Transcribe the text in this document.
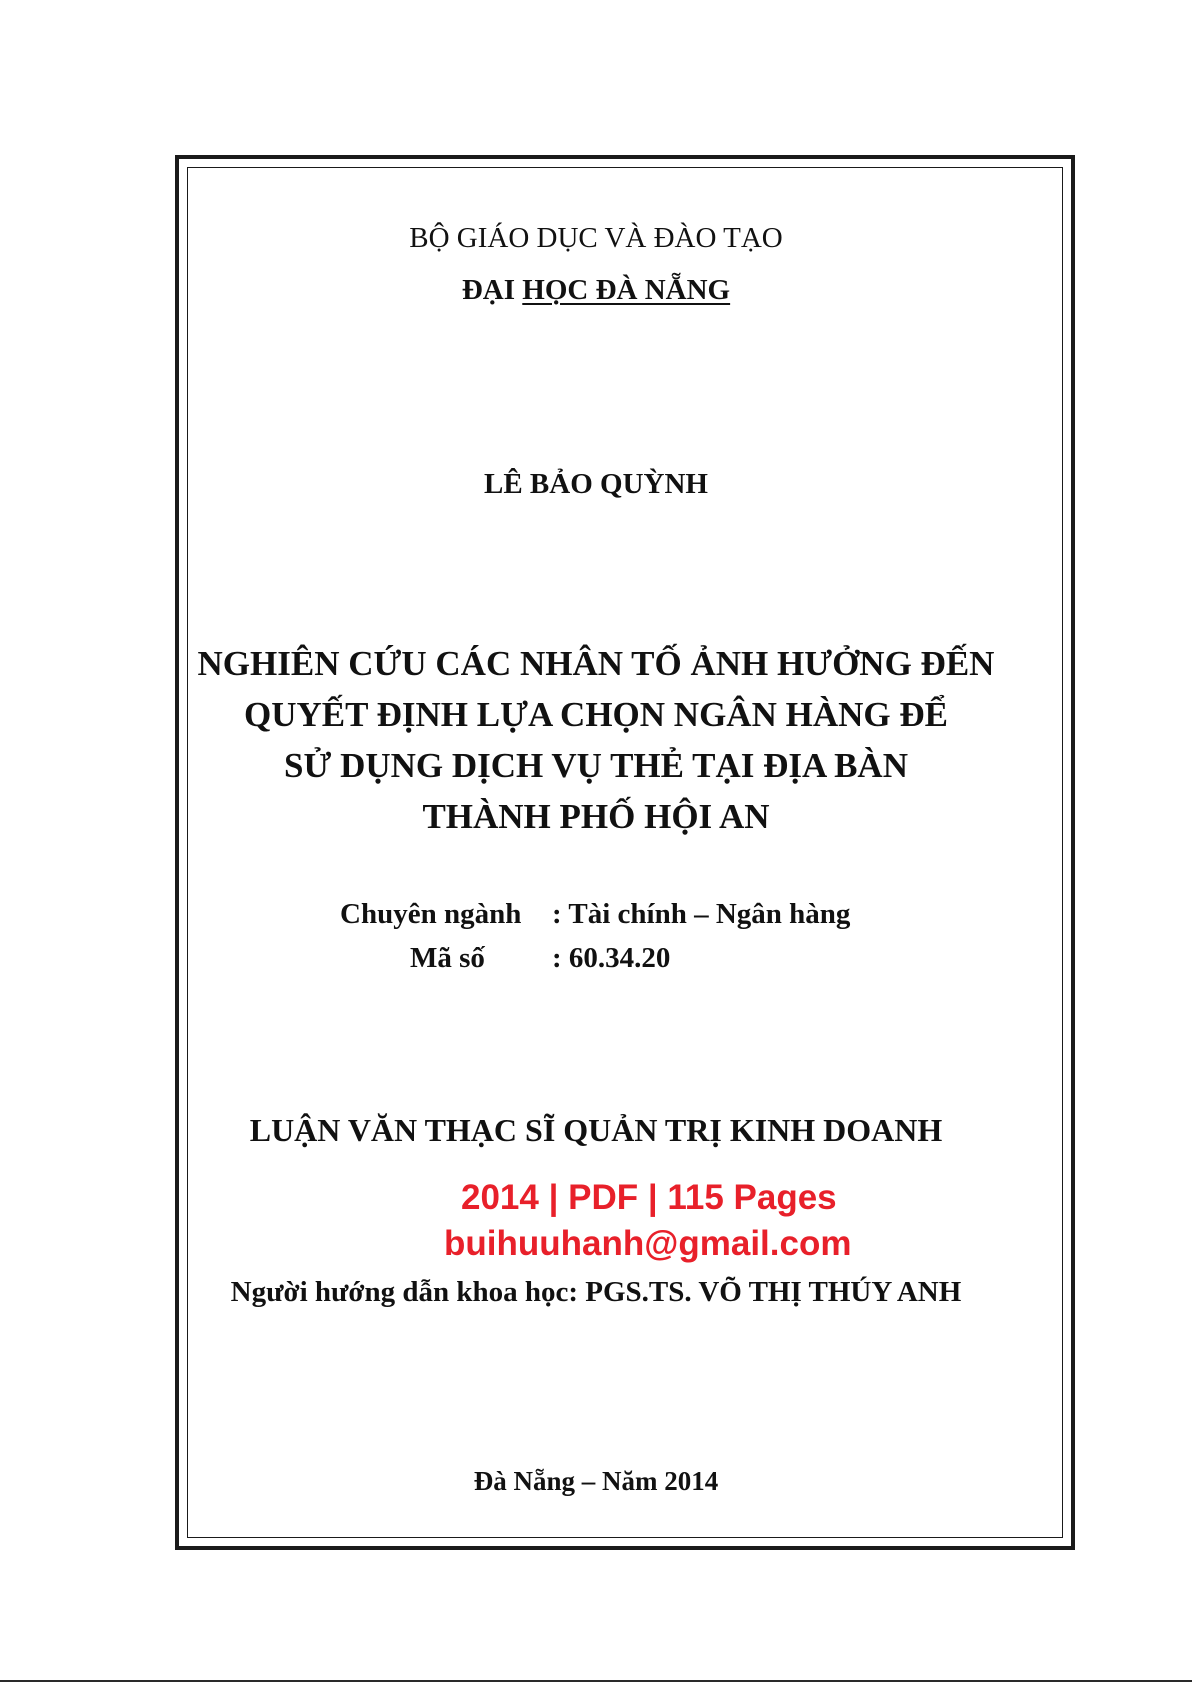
BỘ GIÁO DỤC VÀ ĐÀO TẠO
ĐẠI HỌC ĐÀ NẴNG
LÊ BẢO QUỲNH
NGHIÊN CỨU CÁC NHÂN TỐ ẢNH HƯỞNG ĐẾN
QUYẾT ĐỊNH LỰA CHỌN NGÂN HÀNG ĐỂ
SỬ DỤNG DỊCH VỤ THẺ TẠI ĐỊA BÀN
THÀNH PHỐ HỘI AN
Chuyên ngành : Tài chính – Ngân hàng
Mã số : 60.34.20
LUẬN VĂN THẠC SĨ QUẢN TRỊ KINH DOANH
2014 | PDF | 115 Pages
buihuuhanh@gmail.com
Người hướng dẫn khoa học: PGS.TS. VÕ THỊ THÚY ANH
Đà Nẵng – Năm 2014
